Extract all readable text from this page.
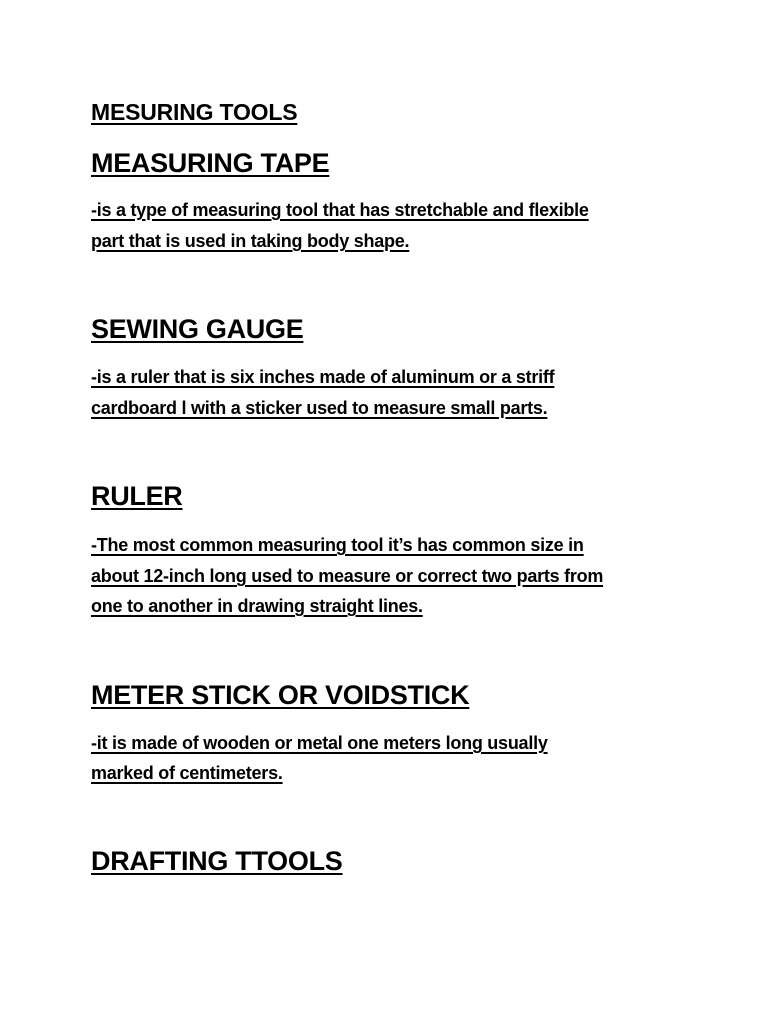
MESURING TOOLS
MEASURING TAPE

-is a type of measuring tool that has stretchable and flexible

part that is used in taking body shape.

SEWING GAUGE

-is a ruler that is six inches made of aluminum or a striff

cardboard l with a sticker used to measure small parts.

RULER

-The most common measuring tool it’s has common size in

about 12-inch long used to measure or correct two parts from

one to another in drawing straight lines.

METER STICK OR VOIDSTICK

-it is made of wooden or metal one meters long usually

marked of centimeters.

DRAFTING TTOOLS
